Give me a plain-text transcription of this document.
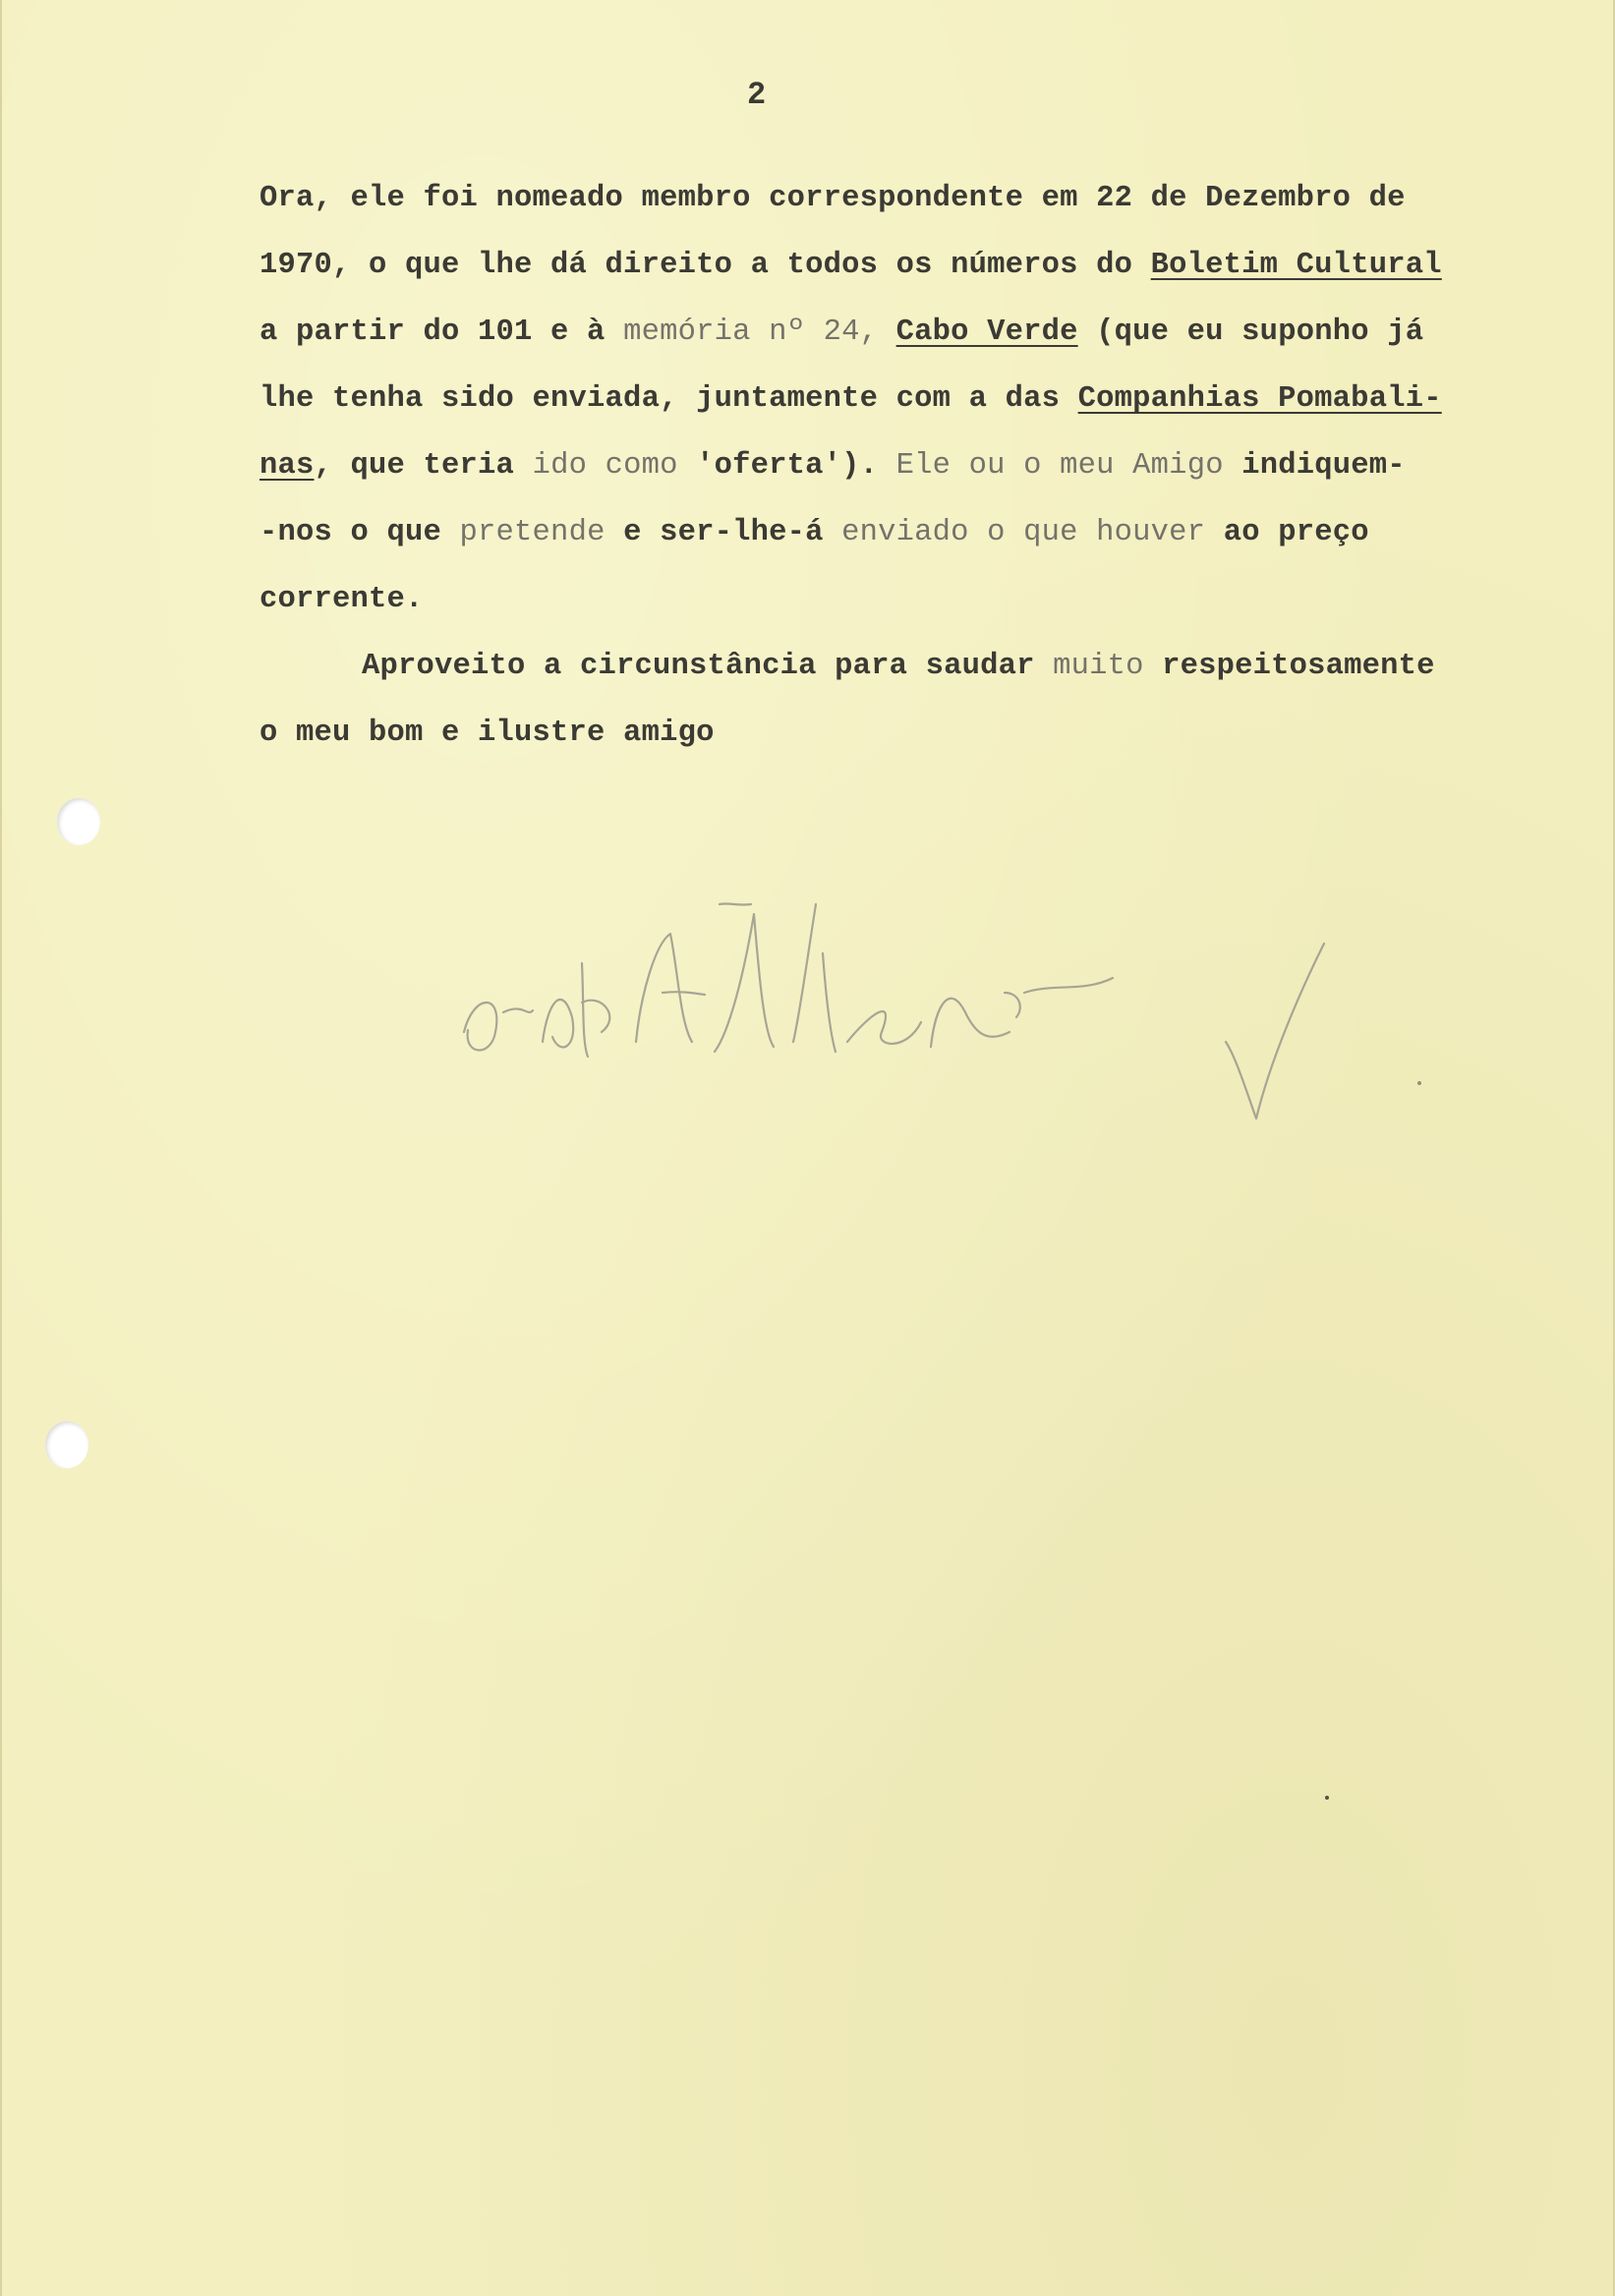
2
Ora, ele foi nomeado membro correspondente em 22 de Dezembro de
1970, o que lhe dá direito a todos os números do Boletim Cultural
a partir do 101 e à memória nº 24, Cabo Verde (que eu suponho já
lhe tenha sido enviada, juntamente com a das Companhias Pomabali-
nas, que teria ido como 'oferta'). Ele ou o meu Amigo indiquem-
-nos o que pretende e ser-lhe-á enviado o que houver ao preço
corrente.
Aproveito a circunstância para saudar muito respeitosamente
o meu bom e ilustre amigo
